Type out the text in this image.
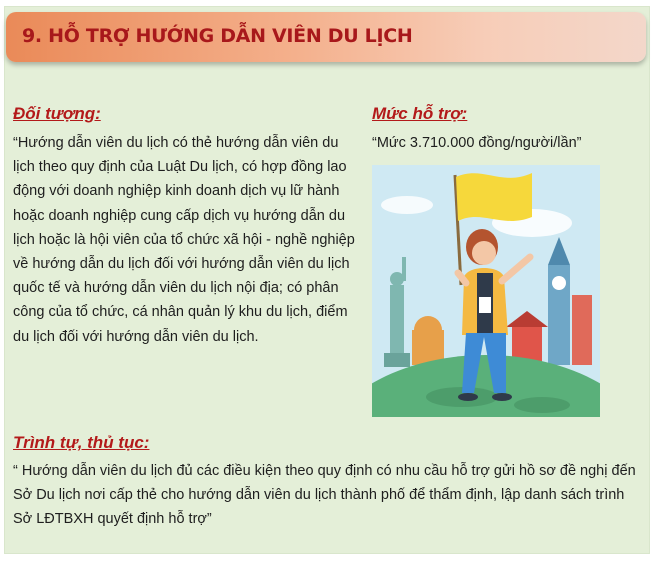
9. HỖ TRỢ HƯỚNG DẪN VIÊN DU LỊCH
Đối tượng:
“Hướng dẫn viên du lịch có thẻ hướng dẫn viên du lịch theo quy định của Luật Du lịch, có hợp đồng lao động với doanh nghiệp kinh doanh dịch vụ lữ hành hoặc doanh nghiệp cung cấp dịch vụ hướng dẫn du lịch hoặc là hội viên của tổ chức xã hội - nghề nghiệp về hướng dẫn du lịch đối với hướng dẫn viên du lịch quốc tế và hướng dẫn viên du lịch nội địa; có phân công của tổ chức, cá nhân quản lý khu du lịch, điểm du lịch đối với hướng dẫn viên du lịch.
Mức hỗ trợ:
“Mức 3.710.000 đồng/người/lần”
Trình tự, thủ tục:
“ Hướng dẫn viên du lịch đủ các điều kiện theo quy định có nhu cầu hỗ trợ gửi hồ sơ đề nghị đến Sở Du lịch nơi cấp thẻ cho hướng dẫn viên du lịch thành phố để thẩm định, lập danh sách trình Sở LĐTBXH quyết định hỗ trợ”
